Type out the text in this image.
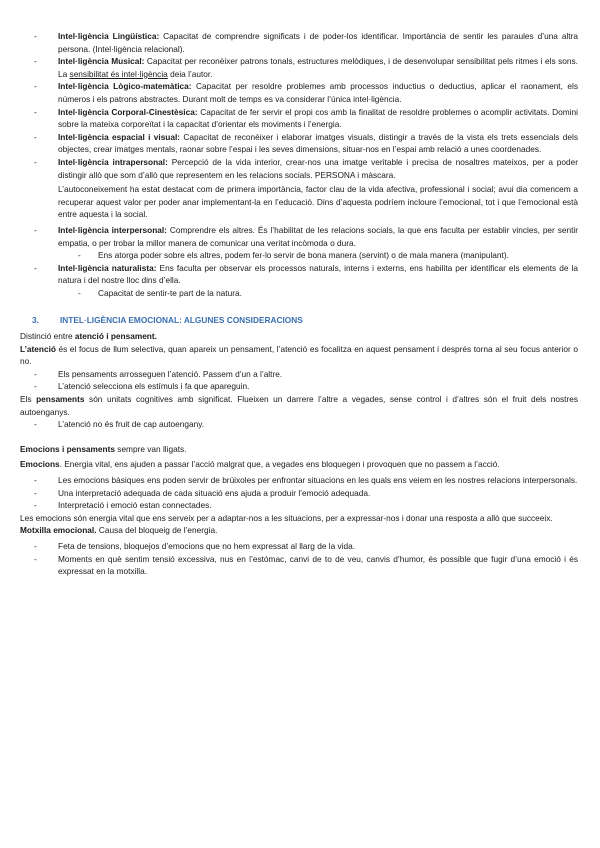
- Intel·ligència Lingüística: Capacitat de comprendre significats i de poder-los identificar. Importància de sentir les paraules d’una altra persona. (Intel·ligència relacional).
- Intel·ligència Musical: Capacitat per reconèixer patrons tonals, estructures melòdiques, i de desenvolupar sensibilitat pels ritmes i els sons. La sensibilitat és intel·ligència deia l’autor.
- Intel·ligència Lògico-matemàtica: Capacitat per resoldre problemes amb processos inductius o deductius, aplicar el raonament, els números i els patrons abstractes. Durant molt de temps es va considerar l’única intel·ligència.
- Intel·ligència Corporal-Cinestèsica: Capacitat de fer servir el propi cos amb la finalitat de resoldre problemes o acomplir activitats. Domini sobre la mateixa corporeïtat i la capacitat d’orientar els moviments i l’energia.
- Intel·ligència espacial i visual: Capacitat de reconèixer i elaborar imatges visuals, distingir a través de la vista els trets essencials dels objectes, crear imatges mentals, raonar sobre l’espai i les seves dimensions, situar-nos en l’espai amb relació a unes coordenades.
- Intel·ligència intrapersonal: Percepció de la vida interior, crear-nos una imatge veritable i precisa de nosaltres mateixos, per a poder distingir allò que som d’allò que representem en les relacions socials. PERSONA i màscara.

L’autoconeixement ha estat destacat com de primera importància, factor clau de la vida afectiva, professional i social; avui dia comencem a recuperar aquest valor per poder anar implementant-la en l’educació. Dins d’aquesta podríem incloure l’emocional, tot i que l’emocional està entre aquesta i la social.

- Intel·ligència interpersonal: Comprendre els altres. És l’habilitat de les relacions socials, la que ens faculta per establir vincles, per sentir empatia, o per trobar la millor manera de comunicar una veritat incòmoda o dura.
- Ens atorga poder sobre els altres, podem fer-lo servir de bona manera (servint) o de mala manera (manipulant).
- Intel·ligència naturalista: Ens faculta per observar els processos naturals, interns i externs, ens habilita per identificar els elements de la natura i del nostre lloc dins d’ella.
- Capacitat de sentir-te part de la natura.
3.	INTEL·LIGÈNCIA EMOCIONAL: ALGUNES CONSIDERACIONS

Distinció entre atenció i pensament.

L’atenció és el focus de llum selectiva, quan apareix un pensament, l’atenció es focalitza en aquest pensament i després torna al seu focus anterior o no.

- Els pensaments arrosseguen l’atenció. Passem d’un a l’altre.
- L’atenció selecciona els estímuls i fa que apareguin.

Els pensaments són unitats cognitives amb significat. Flueixen un darrere l’altre a vegades, sense control i d’altres són el fruit dels nostres autoenganys.

- L’atenció no és fruit de cap autoengany.

Emocions i pensaments sempre van lligats.

Emocions. Energia vital, ens ajuden a passar l’acció malgrat que, a vegades ens bloquegen i provoquen que no passem a l’acció.

- Les emocions bàsiques ens poden servir de brúixoles per enfrontar situacions en les quals ens veiem en les nostres relacions interpersonals.
- Una interpretació adequada de cada situació ens ajuda a produir l’emoció adequada.
- Interpretació i emoció estan connectades.

Les emocions són energia vital que ens serveix per a adaptar-nos a les situacions, per a expressar-nos i donar una resposta a allò que succeeix.

Motxilla emocional. Causa del bloqueig de l’energia.

- Feta de tensions, bloquejos d’emocions que no hem expressat al llarg de la vida.
- Moments en què sentim tensió excessiva, nus en l’estómac, canvi de to de veu, canvis d’humor, és possible que fugir d’una emoció i és expressat en la motxilla.
